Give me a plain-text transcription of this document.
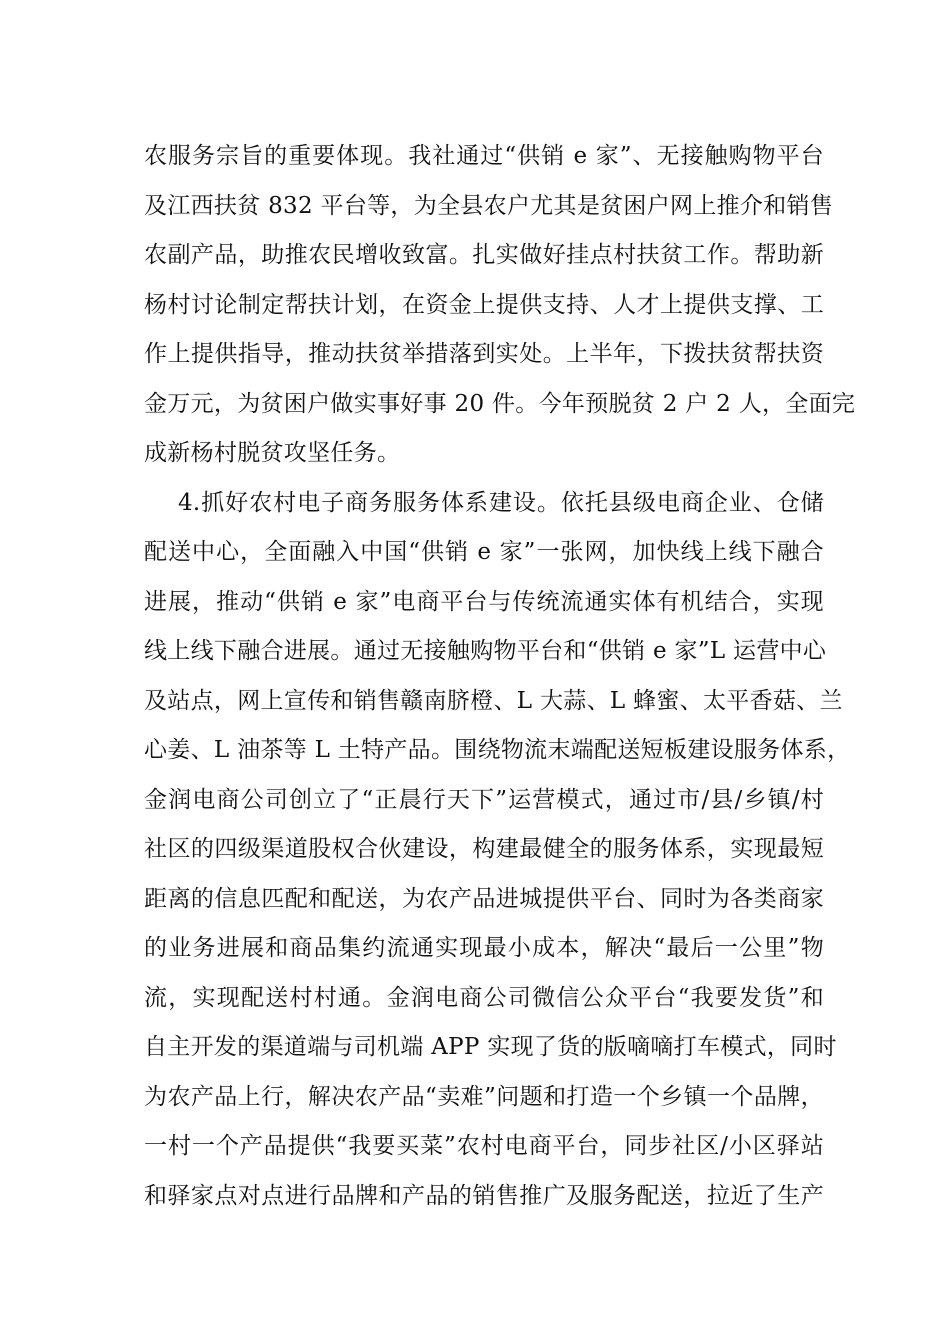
农服务宗旨的重要体现。我社通过“供销 e 家”、无接触购物平台
及江西扶贫 832 平台等，为全县农户尤其是贫困户网上推介和销售
农副产品，助推农民增收致富。扎实做好挂点村扶贫工作。帮助新
杨村讨论制定帮扶计划，在资金上提供支持、人才上提供支撑、工
作上提供指导，推动扶贫举措落到实处。上半年，下拨扶贫帮扶资
金万元，为贫困户做实事好事 20 件。今年预脱贫 2 户 2 人，全面完
成新杨村脱贫攻坚任务。
4.抓好农村电子商务服务体系建设。依托县级电商企业、仓储
配送中心，全面融入中国“供销 e 家”一张网，加快线上线下融合
进展，推动“供销 e 家”电商平台与传统流通实体有机结合，实现
线上线下融合进展。通过无接触购物平台和“供销 e 家”L 运营中心
及站点，网上宣传和销售赣南脐橙、L 大蒜、L 蜂蜜、太平香菇、兰
心姜、L 油茶等 L 土特产品。围绕物流末端配送短板建设服务体系，
金润电商公司创立了“正晨行天下”运营模式，通过市/县/乡镇/村
社区的四级渠道股权合伙建设，构建最健全的服务体系，实现最短
距离的信息匹配和配送，为农产品进城提供平台、同时为各类商家
的业务进展和商品集约流通实现最小成本，解决“最后一公里”物
流，实现配送村村通。金润电商公司微信公众平台“我要发货”和
自主开发的渠道端与司机端 APP 实现了货的版嘀嘀打车模式，同时
为农产品上行，解决农产品“卖难”问题和打造一个乡镇一个品牌，
一村一个产品提供“我要买菜”农村电商平台，同步社区/小区驿站
和驿家点对点进行品牌和产品的销售推广及服务配送，拉近了生产
